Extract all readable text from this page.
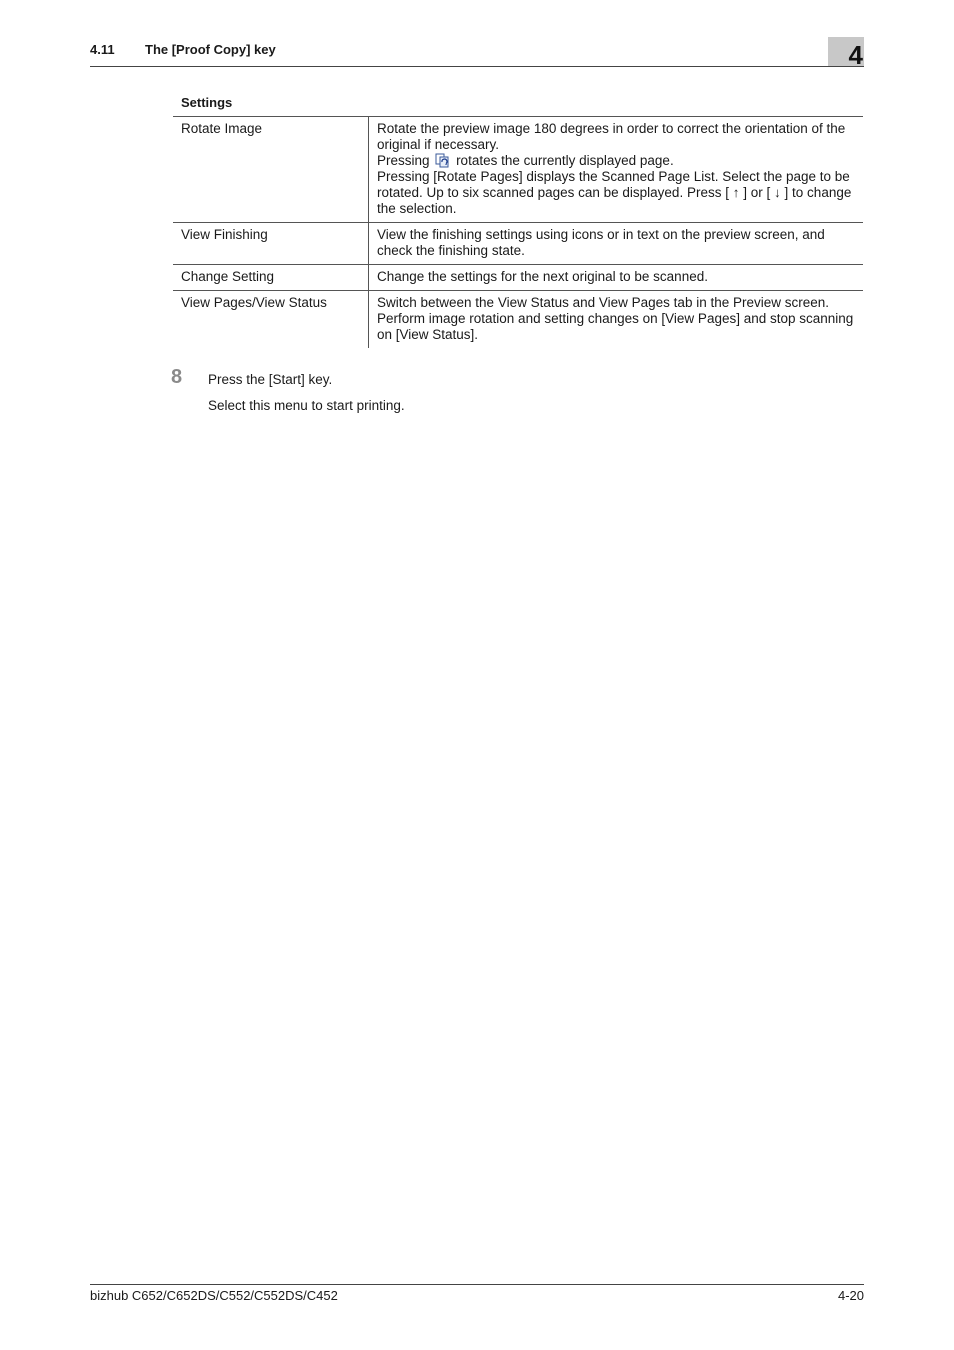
4.11 The [Proof Copy] key	4
Settings
Rotate Image	Rotate the preview image 180 degrees in order to correct the orientation of the original if necessary.
Pressing rotates the currently displayed page.
Pressing [Rotate Pages] displays the Scanned Page List. Select the page to be rotated. Up to six scanned pages can be displayed. Press [ ↑ ] or [ ↓ ] to change the selection.
View Finishing	View the finishing settings using icons or in text on the preview screen, and check the finishing state.
Change Setting	Change the settings for the next original to be scanned.
View Pages/View Status	Switch between the View Status and View Pages tab in the Preview screen. Perform image rotation and setting changes on [View Pages] and stop scanning on [View Status].
8 Press the [Start] key.
Select this menu to start printing.
bizhub C652/C652DS/C552/C552DS/C452	4-20
